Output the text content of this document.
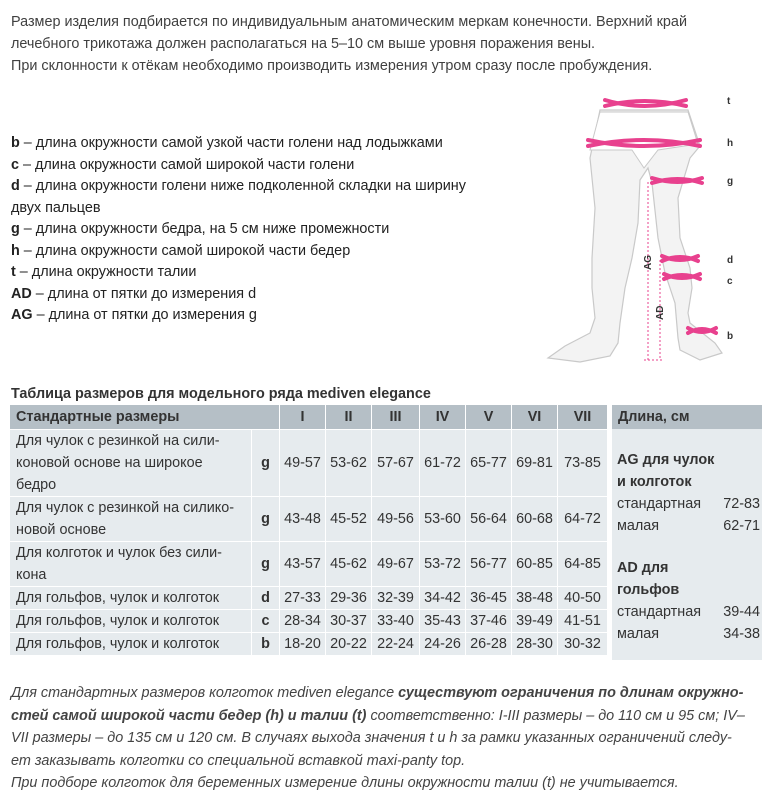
Размер изделия подбирается по индивидуальным анатомическим меркам конечности. Верхний край
лечебного трикотажа должен располагаться на 5–10 см выше уровня поражения вены.
При склонности к отёкам необходимо производить измерения утром сразу после пробуждения.
b – длина окружности самой узкой части голени над лодыжками
c – длина окружности самой широкой части голени
d – длина окружности голени ниже подколенной складки на ширину
двух пальцев
g – длина окружности бедра, на 5 см ниже промежности
h – длина окружности самой широкой части бедер
t – длина окружности талии
AD – длина от пятки до измерения d
AG – длина от пятки до измерения g
t
h
g
d
c
b
AG
AD
Таблица размеров для модельного ряда mediven elegance
Стандартные размеры		I	II	III	IV	V	VI	VII

Для чулок с резинкой на сили-
коновой основе на широкое
бедро	g	49-57	53-62	57-67	61-72	65-77	69-81	73-85

Для чулок с резинкой на силико-
новой основе	g	43-48	45-52	49-56	53-60	56-64	60-68	64-72

Для колготок и чулок без сили-
кона	g	43-57	45-62	49-67	53-72	56-77	60-85	64-85

Для гольфов, чулок и колготок	d	27-33	29-36	32-39	34-42	36-45	38-48	40-50

Для гольфов, чулок и колготок	c	28-34	30-37	33-40	35-43	37-46	39-49	41-51

Для гольфов, чулок и колготок	b	18-20	20-22	22-24	24-26	26-28	28-30	30-32
Длина, см
AG для чулок
и колготок
стандартная 72-83
малая	62-71
AD для
гольфов
стандартная 39-44
малая	34-38
Для стандартных размеров колготок mediven elegance существуют ограничения по длинам окружно-
стей самой широкой части бедер (h) и талии (t) соответственно: I-III размеры – до 110 см и 95 см; IV–
VII размеры – до 135 см и 120 см. В случаях выхода значения t и h за рамки указанных ограничений следу-
ет заказывать колготки со специальной вставкой maxi-panty top.
При подборе колготок для беременных измерение длины окружности талии (t) не учитывается.
